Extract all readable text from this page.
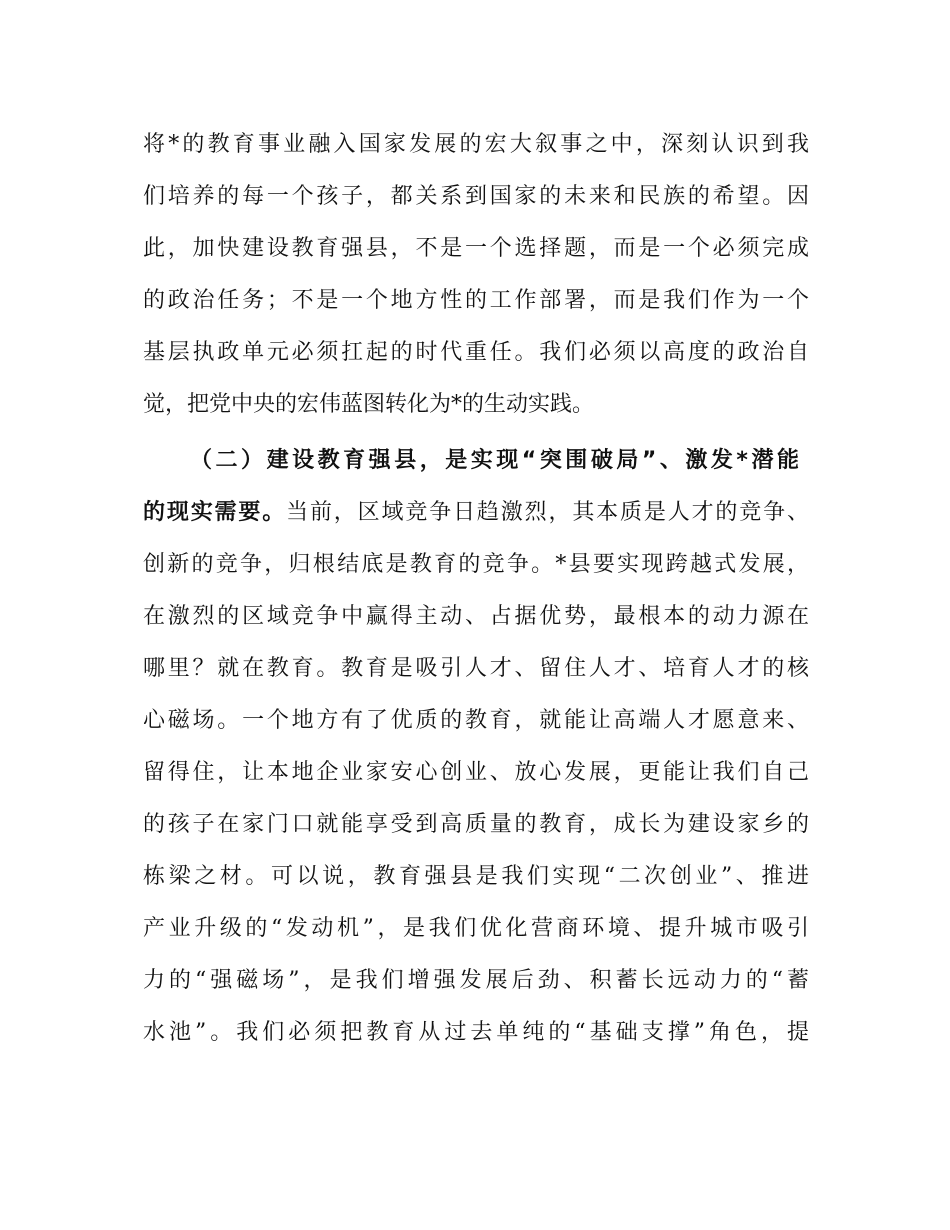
将*的教育事业融入国家发展的宏大叙事之中，深刻认识到我
们培养的每一个孩子，都关系到国家的未来和民族的希望。因
此，加快建设教育强县，不是一个选择题，而是一个必须完成
的政治任务；不是一个地方性的工作部署，而是我们作为一个
基层执政单元必须扛起的时代重任。我们必须以高度的政治自
觉，把党中央的宏伟蓝图转化为*的生动实践。
（二）建设教育强县，是实现“突围破局”、激发*潜能
的现实需要。当前，区域竞争日趋激烈，其本质是人才的竞争、
创新的竞争，归根结底是教育的竞争。*县要实现跨越式发展，
在激烈的区域竞争中赢得主动、占据优势，最根本的动力源在
哪里？就在教育。教育是吸引人才、留住人才、培育人才的核
心磁场。一个地方有了优质的教育，就能让高端人才愿意来、
留得住，让本地企业家安心创业、放心发展，更能让我们自己
的孩子在家门口就能享受到高质量的教育，成长为建设家乡的
栋梁之材。可以说，教育强县是我们实现“二次创业”、推进
产业升级的“发动机”，是我们优化营商环境、提升城市吸引
力的“强磁场”，是我们增强发展后劲、积蓄长远动力的“蓄
水池”。我们必须把教育从过去单纯的“基础支撑”角色，提
